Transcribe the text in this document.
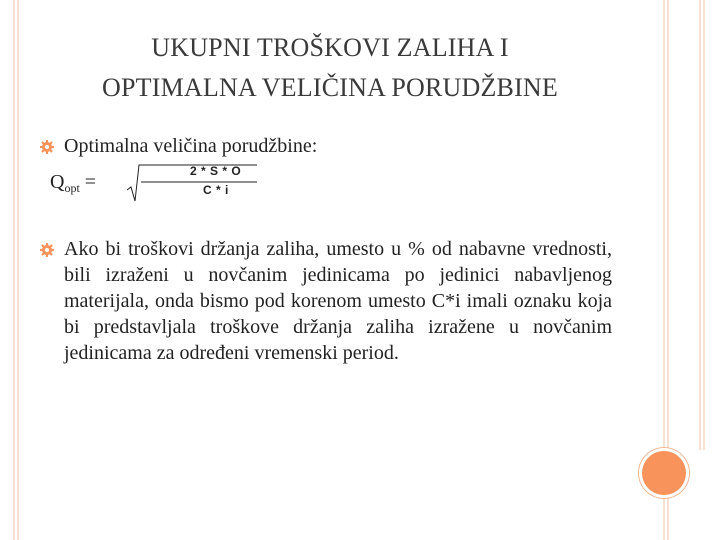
UKUPNI TROŠKOVI ZALIHA I
OPTIMALNA VELIČINA PORUDŽBINE
Optimalna veličina porudžbine:
$Q_{opt}$ =	2 * S * O
C * i
Ako bi troškovi držanja zaliha, umesto u % od nabavne vrednosti, bili izraženi u novčanim jedinicama po jedinici nabavljenog materijala, onda bismo pod korenom umesto C*i imali oznaku koja bi predstavljala troškove držanja zaliha izražene u novčanim jedinicama za određeni vremenski period.
